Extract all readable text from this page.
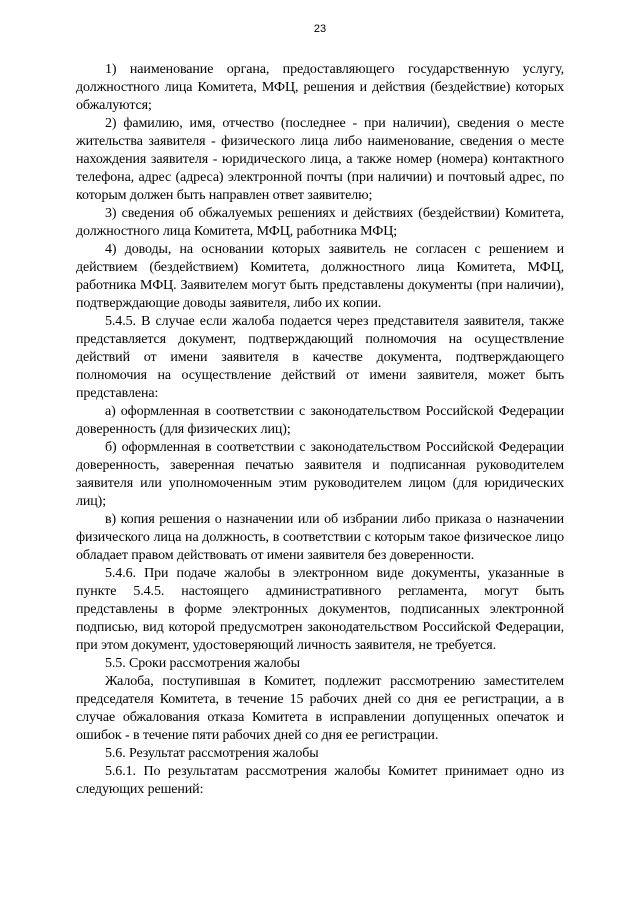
23

1) наименование органа, предоставляющего государственную услугу, должностного лица Комитета, МФЦ, решения и действия (бездействие) которых обжалуются;

2) фамилию, имя, отчество (последнее - при наличии), сведения о месте жительства заявителя - физического лица либо наименование, сведения о месте нахождения заявителя - юридического лица, а также номер (номера) контактного телефона, адрес (адреса) электронной почты (при наличии) и почтовый адрес, по которым должен быть направлен ответ заявителю;

3) сведения об обжалуемых решениях и действиях (бездействии) Комитета, должностного лица Комитета, МФЦ, работника МФЦ;

4) доводы, на основании которых заявитель не согласен с решением и действием (бездействием) Комитета, должностного лица Комитета, МФЦ, работника МФЦ. Заявителем могут быть представлены документы (при наличии), подтверждающие доводы заявителя, либо их копии.

5.4.5. В случае если жалоба подается через представителя заявителя, также представляется документ, подтверждающий полномочия на осуществление действий от имени заявителя в качестве документа, подтверждающего полномочия на осуществление действий от имени заявителя, может быть представлена:

а) оформленная в соответствии с законодательством Российской Федерации доверенность (для физических лиц);

б) оформленная в соответствии с законодательством Российской Федерации доверенность, заверенная печатью заявителя и подписанная руководителем заявителя или уполномоченным этим руководителем лицом (для юридических лиц);

в) копия решения о назначении или об избрании либо приказа о назначении физического лица на должность, в соответствии с которым такое физическое лицо обладает правом действовать от имени заявителя без доверенности.

5.4.6. При подаче жалобы в электронном виде документы, указанные в пункте 5.4.5. настоящего административного регламента, могут быть представлены в форме электронных документов, подписанных электронной подписью, вид которой предусмотрен законодательством Российской Федерации, при этом документ, удостоверяющий личность заявителя, не требуется.

5.5. Сроки рассмотрения жалобы

Жалоба, поступившая в Комитет, подлежит рассмотрению заместителем председателя Комитета, в течение 15 рабочих дней со дня ее регистрации, а в случае обжалования отказа Комитета в исправлении допущенных опечаток и ошибок - в течение пяти рабочих дней со дня ее регистрации.

5.6. Результат рассмотрения жалобы

5.6.1. По результатам рассмотрения жалобы Комитет принимает одно из следующих решений:
